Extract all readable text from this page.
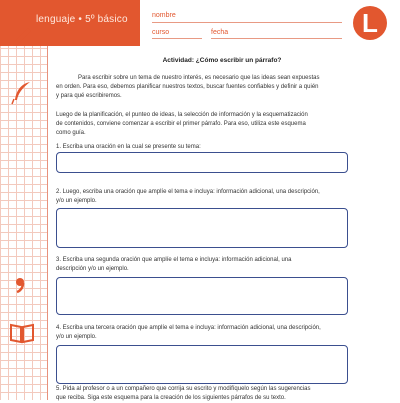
lenguaje • 5º básico	nombre
curso	fecha	L
Actividad: ¿Cómo escribir un párrafo?
Para escribir sobre un tema de nuestro interés, es necesario que las ideas sean expuestas
en orden. Para eso, debemos planificar nuestros textos, buscar fuentes confiables y definir a quién
y para qué escribiremos.
Luego de la planificación, el punteo de ideas, la selección de información y la esquematización
de contenidos, conviene comenzar a escribir el primer párrafo. Para eso, utiliza este esquema
como guía.
1. Escriba una oración en la cual se presente su tema:
2. Luego, escriba una oración que amplíe el tema e incluya: información adicional, una descripción,
y/o un ejemplo.
3. Escriba una segunda oración que amplíe el tema e incluya: información adicional, una
descripción y/o un ejemplo.
4. Escriba una tercera oración que amplíe el tema e incluya: información adicional, una descripción,
y/o un ejemplo.
5. Pida al profesor o a un compañero que corrija su escrito y modifíquelo según las sugerencias
que reciba. Siga este esquema para la creación de los siguientes párrafos de su texto.
